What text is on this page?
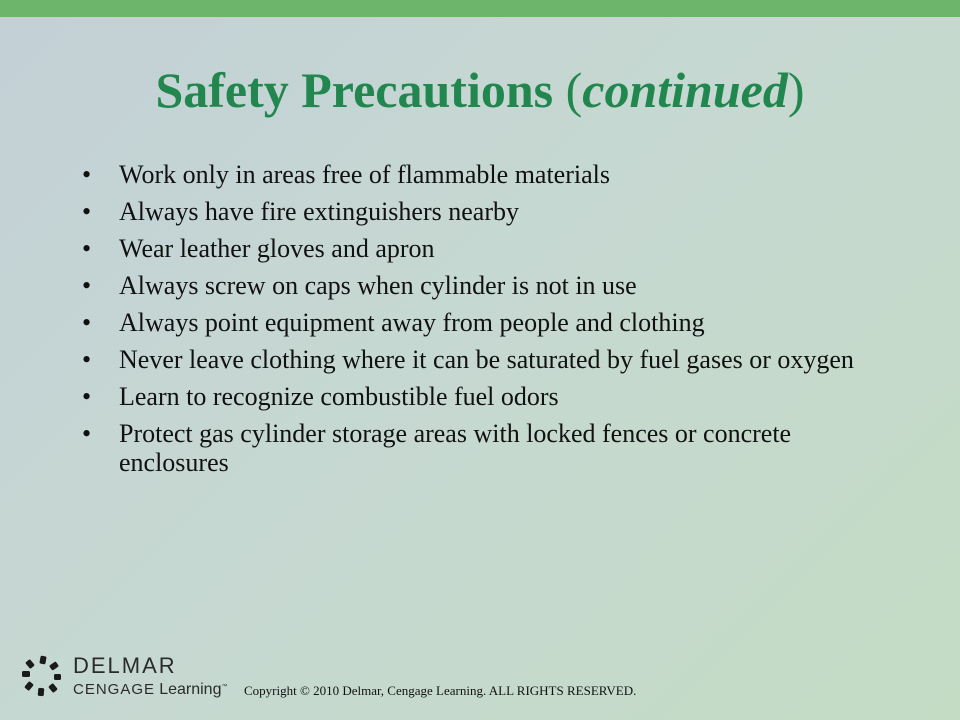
Safety Precautions (continued)
• Work only in areas free of flammable materials
• Always have fire extinguishers nearby
• Wear leather gloves and apron
• Always screw on caps when cylinder is not in use
• Always point equipment away from people and clothing
• Never leave clothing where it can be saturated by fuel gases or oxygen
• Learn to recognize combustible fuel odors
• Protect gas cylinder storage areas with locked fences or concrete enclosures
DELMAR
CENGAGE Learning™ Copyright © 2010 Delmar, Cengage Learning. ALL RIGHTS RESERVED.
